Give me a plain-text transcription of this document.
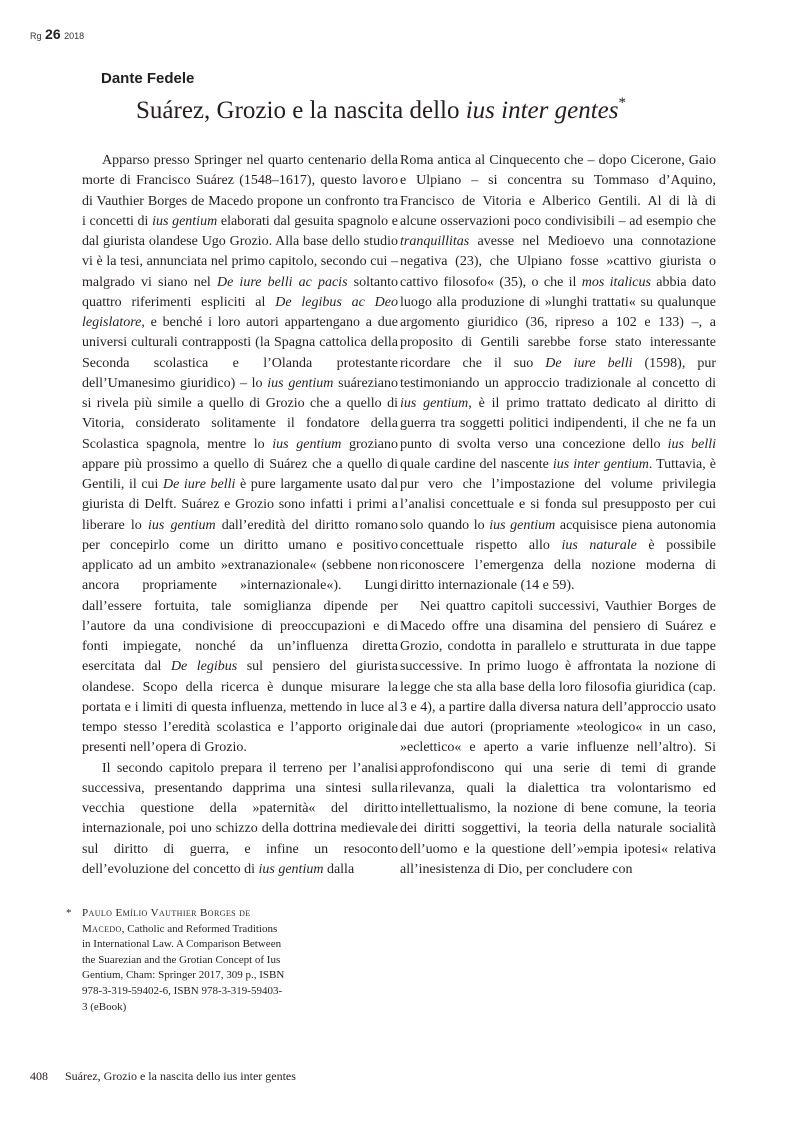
Rg 26 2018
Dante Fedele
Suárez, Grozio e la nascita dello ius inter gentes*

Apparso presso Springer nel quarto centenario della morte di Francisco Suárez (1548–1617), questo lavoro di Vauthier Borges de Macedo propone un confronto tra i concetti di ius gentium elaborati dal gesuita spagnolo e dal giurista olandese Ugo Grozio. Alla base dello studio vi è la tesi, annunciata nel primo capitolo, secondo cui – malgrado vi siano nel De iure belli ac pacis soltanto quattro riferimenti espliciti al De legibus ac Deo legislatore, e benché i loro autori appartengano a due universi culturali contrapposti (la Spagna cattolica della Seconda scolastica e l’Olanda protestante dell’Umanesimo giuridico) – lo ius gentium suáreziano si rivela più simile a quello di Grozio che a quello di Vitoria, considerato solitamente il fondatore della Scolastica spagnola, mentre lo ius gentium groziano appare più prossimo a quello di Suárez che a quello di Gentili, il cui De iure belli è pure largamente usato dal giurista di Delft. Suárez e Grozio sono infatti i primi a liberare lo ius gentium dall’eredità del diritto romano per concepirlo come un diritto umano e positivo applicato ad un ambito »extranazionale« (sebbene non ancora propriamente »internazionale«). Lungi dall’essere fortuita, tale somiglianza dipende per l’autore da una condivisione di preoccupazioni e di fonti impiegate, nonché da un’influenza diretta esercitata dal De legibus sul pensiero del giurista olandese. Scopo della ricerca è dunque misurare la portata e i limiti di questa influenza, mettendo in luce al tempo stesso l’eredità scolastica e l’apporto originale presenti nell’opera di Grozio.

Il secondo capitolo prepara il terreno per l’analisi successiva, presentando dapprima una sintesi sulla vecchia questione della »paternità« del diritto internazionale, poi uno schizzo della dottrina medievale sul diritto di guerra, e infine un resoconto dell’evoluzione del concetto di ius gentium dalla

Roma antica al Cinquecento che – dopo Cicerone, Gaio e Ulpiano – si concentra su Tommaso d’Aquino, Francisco de Vitoria e Alberico Gentili. Al di là di alcune osservazioni poco condivisibili – ad esempio che tranquillitas avesse nel Medioevo una connotazione negativa (23), che Ulpiano fosse »cattivo giurista o cattivo filosofo« (35), o che il mos italicus abbia dato luogo alla produzione di »lunghi trattati« su qualunque argomento giuridico (36, ripreso a 102 e 133) –, a proposito di Gentili sarebbe forse stato interessante ricordare che il suo De iure belli (1598), pur testimoniando un approccio tradizionale al concetto di ius gentium, è il primo trattato dedicato al diritto di guerra tra soggetti politici indipendenti, il che ne fa un punto di svolta verso una concezione dello ius belli quale cardine del nascente ius inter gentium. Tuttavia, è pur vero che l’impostazione del volume privilegia l’analisi concettuale e si fonda sul presupposto per cui solo quando lo ius gentium acquisisce piena autonomia concettuale rispetto allo ius naturale è possibile riconoscere l’emergenza della nozione moderna di diritto internazionale (14 e 59).

Nei quattro capitoli successivi, Vauthier Borges de Macedo offre una disamina del pensiero di Suárez e Grozio, condotta in parallelo e strutturata in due tappe successive. In primo luogo è affrontata la nozione di legge che sta alla base della loro filosofia giuridica (cap. 3 e 4), a partire dalla diversa natura dell’approccio usato dai due autori (propriamente »teologico« in un caso, »eclettico« e aperto a varie influenze nell’altro). Si approfondiscono qui una serie di temi di grande rilevanza, quali la dialettica tra volontarismo ed intellettualismo, la nozione di bene comune, la teoria dei diritti soggettivi, la teoria della naturale socialità dell’uomo e la questione dell’»empia ipotesi« relativa all’inesistenza di Dio, per concludere con

* Paulo Emílio Vauthier Borges de Macedo, Catholic and Reformed Traditions in International Law. A Comparison Between the Suarezian and the Grotian Concept of Ius Gentium, Cham: Springer 2017, 309 p., ISBN 978-3-319-59402-6, ISBN 978-3-319-59403-3 (eBook)
408 Suárez, Grozio e la nascita dello ius inter gentes
